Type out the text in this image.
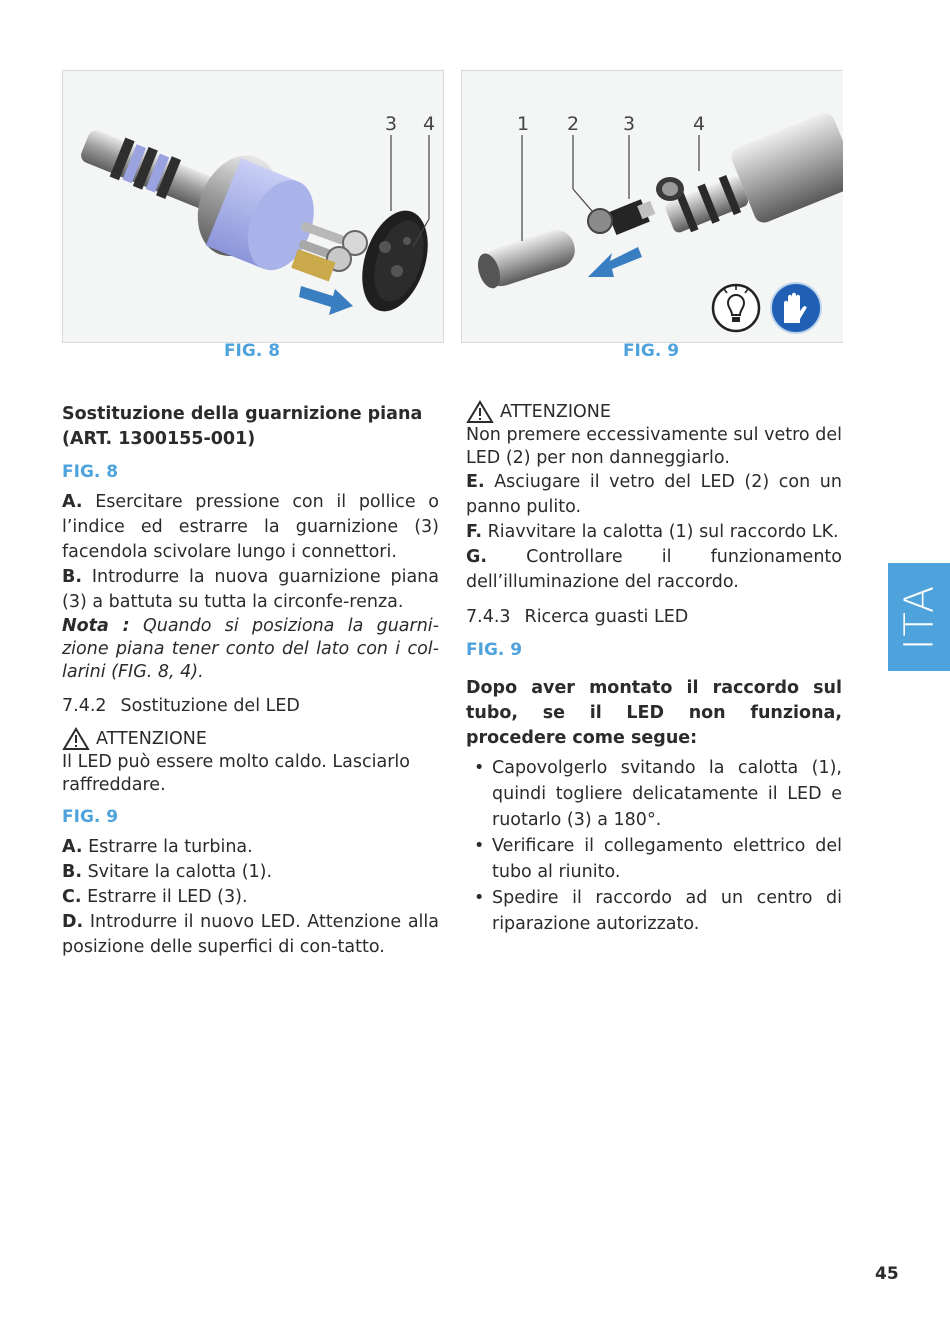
3 4
FIG. 8
1 2 3	4
FIG. 9

Sostituzione della guarnizione piana (ART. 1300155-001)

FIG. 8

A. Esercitare pressione con il pollice o l’indice ed estrarre la guarnizione (3) facendola scivolare lungo i connettori.

B. Introdurre la nuova guarnizione piana (3) a battuta su tutta la circonfe-renza.

Nota : Quando si posiziona la guarni-zione piana tener conto del lato con i col-larini (FIG. 8, 4).

7.4.2 Sostituzione del LED
ATTENZIONE

Il LED può essere molto caldo. Lasciarlo raffreddare.

FIG. 9

A. Estrarre la turbina.

B. Svitare la calotta (1).

C. Estrarre il LED (3).

D. Introdurre il nuovo LED. Attenzione alla posizione delle superfici di con-tatto.

ATTENZIONE

Non premere eccessivamente sul vetro del LED (2) per non danneggiarlo.

E. Asciugare il vetro del LED (2) con un panno pulito.

F. Riavvitare la calotta (1) sul raccordo LK.

G. Controllare il funzionamento dell’illuminazione del raccordo.

7.4.3 Ricerca guasti LED
FIG. 9

Dopo aver montato il raccordo sul tubo, se il LED non funziona, procedere come segue:

• Capovolgerlo svitando la calotta (1), quindi togliere delicatamente il LED e ruotarlo (3) a 180°.
• Verificare il collegamento elettrico del tubo al riunito.
• Spedire il raccordo ad un centro di riparazione autorizzato.
ITA
45
